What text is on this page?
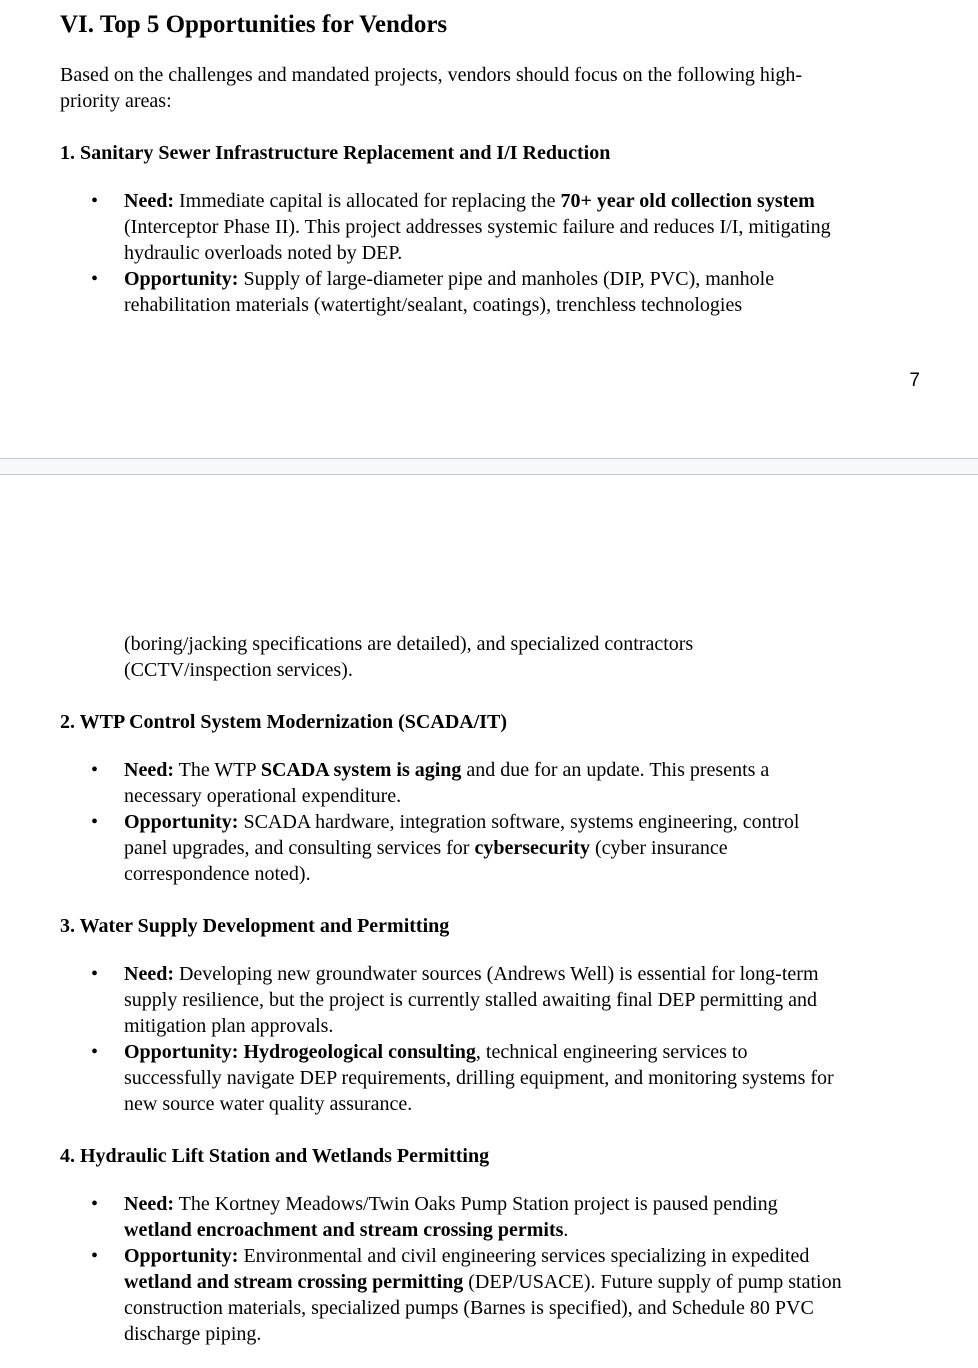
VI. Top 5 Opportunities for Vendors

Based on the challenges and mandated projects, vendors should focus on the following high-
priority areas:

1. Sanitary Sewer Infrastructure Replacement and I/I Reduction
• Need: Immediate capital is allocated for replacing the 70+ year old collection system
(Interceptor Phase II). This project addresses systemic failure and reduces I/I, mitigating
hydraulic overloads noted by DEP.
• Opportunity: Supply of large-diameter pipe and manholes (DIP, PVC), manhole
rehabilitation materials (watertight/sealant, coatings), trenchless technologies
7
(boring/jacking specifications are detailed), and specialized contractors
(CCTV/inspection services).
2. WTP Control System Modernization (SCADA/IT)
• Need: The WTP SCADA system is aging and due for an update. This presents a
necessary operational expenditure.
• Opportunity: SCADA hardware, integration software, systems engineering, control
panel upgrades, and consulting services for cybersecurity (cyber insurance
correspondence noted).
3. Water Supply Development and Permitting
• Need: Developing new groundwater sources (Andrews Well) is essential for long-term
supply resilience, but the project is currently stalled awaiting final DEP permitting and
mitigation plan approvals.
• Opportunity: Hydrogeological consulting, technical engineering services to
successfully navigate DEP requirements, drilling equipment, and monitoring systems for
new source water quality assurance.
4. Hydraulic Lift Station and Wetlands Permitting
• Need: The Kortney Meadows/Twin Oaks Pump Station project is paused pending
wetland encroachment and stream crossing permits.
• Opportunity: Environmental and civil engineering services specializing in expedited
wetland and stream crossing permitting (DEP/USACE). Future supply of pump station
construction materials, specialized pumps (Barnes is specified), and Schedule 80 PVC
discharge piping.
